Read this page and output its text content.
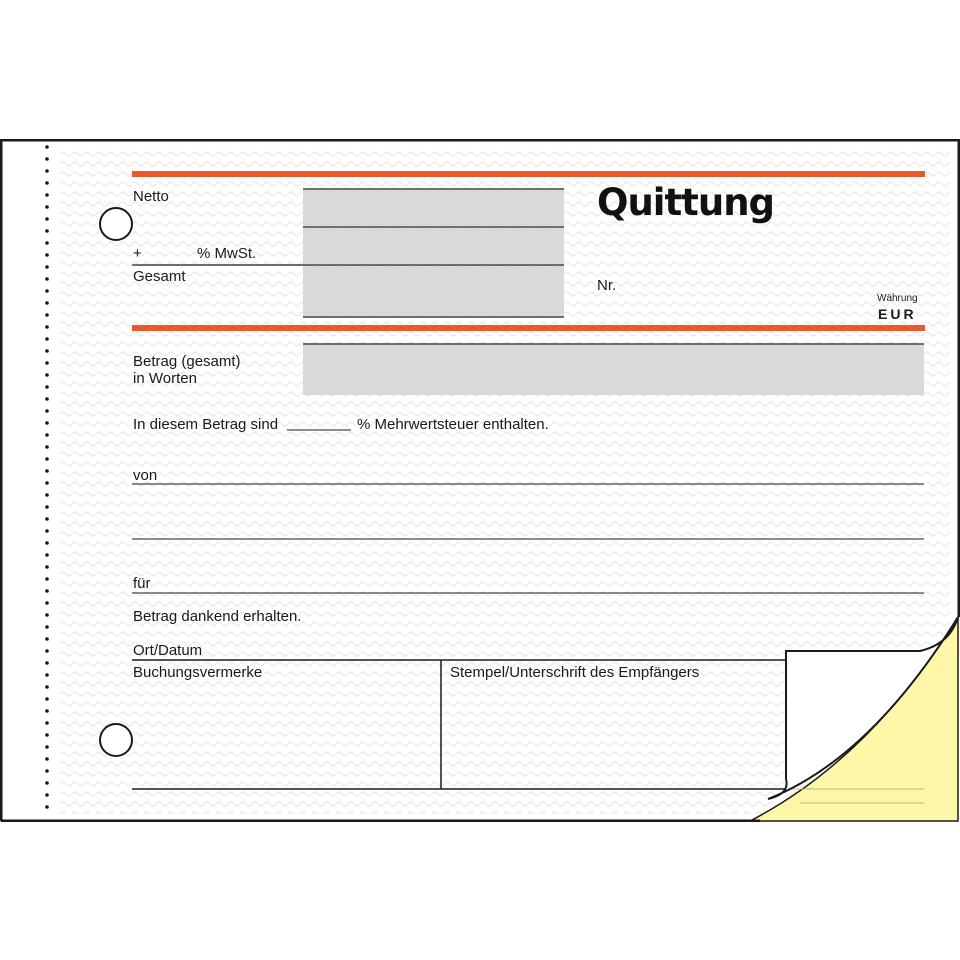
Quittung
Nr.
Währung
EUR
Netto
+	% MwSt.
Gesamt
Betrag (gesamt)
in Worten
In diesem Betrag sind	% Mehrwertsteuer enthalten.
von
für
Betrag dankend erhalten.
Ort/Datum
Buchungsvermerke	Stempel/Unterschrift des Empfängers
